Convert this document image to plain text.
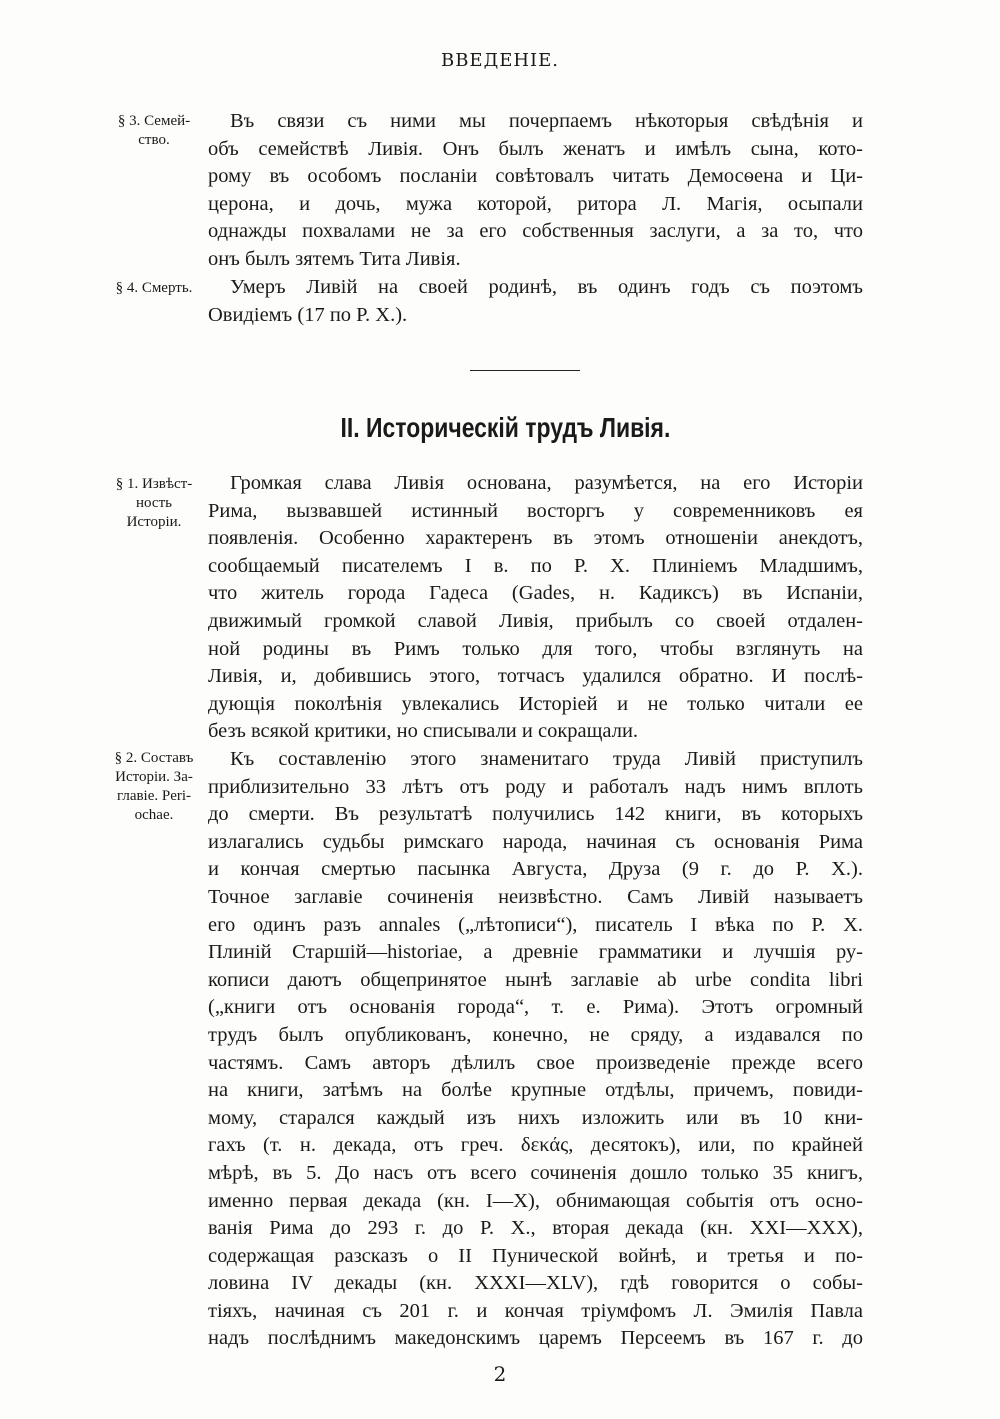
ВВЕДЕНIЕ.
§ 3. Семей-
ство.
Въ связи съ ними мы почерпаемъ нѣкоторыя свѣдѣнія и
объ семействѣ Ливія. Онъ былъ женатъ и имѣлъ сына, кото-
рому въ особомъ посланiи совѣтовалъ читать Демосѳена и Ци-
церона, и дочь, мужа которой, ритора Л. Магія, осыпали
однажды похвалами не за его собственныя заслуги, а за то, что
онъ былъ зятемъ Тита Ливія.
§ 4. Смерть.	Умеръ Ливiй на своей родинѣ, въ одинъ годъ съ поэтомъ
Овидiемъ (17 по Р. Х.).
II. Историческiй трудъ Ливiя.
§ 1. Извѣст-
ность
Исторiи.
Громкая слава Ливiя основана, разумѣется, на его Исторiи
Рима, вызвавшей истинный восторгъ у современниковъ ея
появленiя. Особенно характеренъ въ этомъ отношенiи анекдотъ,
сообщаемый писателемъ I в. по Р. Х. Плинiемъ Младшимъ,
что житель города Гадеса (Gades, н. Кадиксъ) въ Испанiи,
движимый громкой славой Ливiя, прибылъ со своей отдален-
ной родины въ Римъ только для того, чтобы взглянуть на
Ливiя, и, добившись этого, тотчасъ удалился обратно. И послѣ-
дующiя поколѣнiя увлекались Исторiей и не только читали ее
безъ всякой критики, но списывали и сокращали.
§ 2. Составъ
Исторiи. За-
главiе. Peri-
ochae.
Къ составленiю этого знаменитаго труда Ливiй приступилъ
приблизительно 33 лѣтъ отъ роду и работалъ надъ нимъ вплоть
до смерти. Въ результатѣ получились 142 книги, въ которыхъ
излагались судьбы римскаго народа, начиная съ основанiя Рима
и кончая смертью пасынка Августа, Друза (9 г. до Р. Х.).
Точное заглавiе сочиненiя неизвѣстно. Самъ Ливiй называетъ
его одинъ разъ annales („лѣтописи“), писатель I вѣка по Р. Х.
Плинiй Старшiй—historiae, а древнiе грамматики и лучшiя ру-
кописи даютъ общепринятое нынѣ заглавiе ab urbe condita libri
(„книги отъ основанiя города“, т. е. Рима). Этотъ огромный
трудъ былъ опубликованъ, конечно, не сряду, а издавался по
частямъ. Самъ авторъ дѣлилъ свое произведенiе прежде всего
на книги, затѣмъ на болѣе крупные отдѣлы, причемъ, повиди-
мому, старался каждый изъ нихъ изложить или въ 10 кни-
гахъ (т. н. декада, отъ греч. δεκάς, десятокъ), или, по крайней
мѣрѣ, въ 5. До насъ отъ всего сочиненiя дошло только 35 книгъ,
именно первая декада (кн. I—X), обнимающая событiя отъ осно-
ванiя Рима до 293 г. до Р. Х., вторая декада (кн. XXI—XXX),
содержащая разсказъ о II Пунической войнѣ, и третья и по-
ловина IV декады (кн. XXXI—XLV), гдѣ говорится о собы-
тiяхъ, начиная съ 201 г. и кончая трiумфомъ Л. Эмилiя Павла
надъ послѣднимъ македонскимъ царемъ Персеемъ въ 167 г. до
2
